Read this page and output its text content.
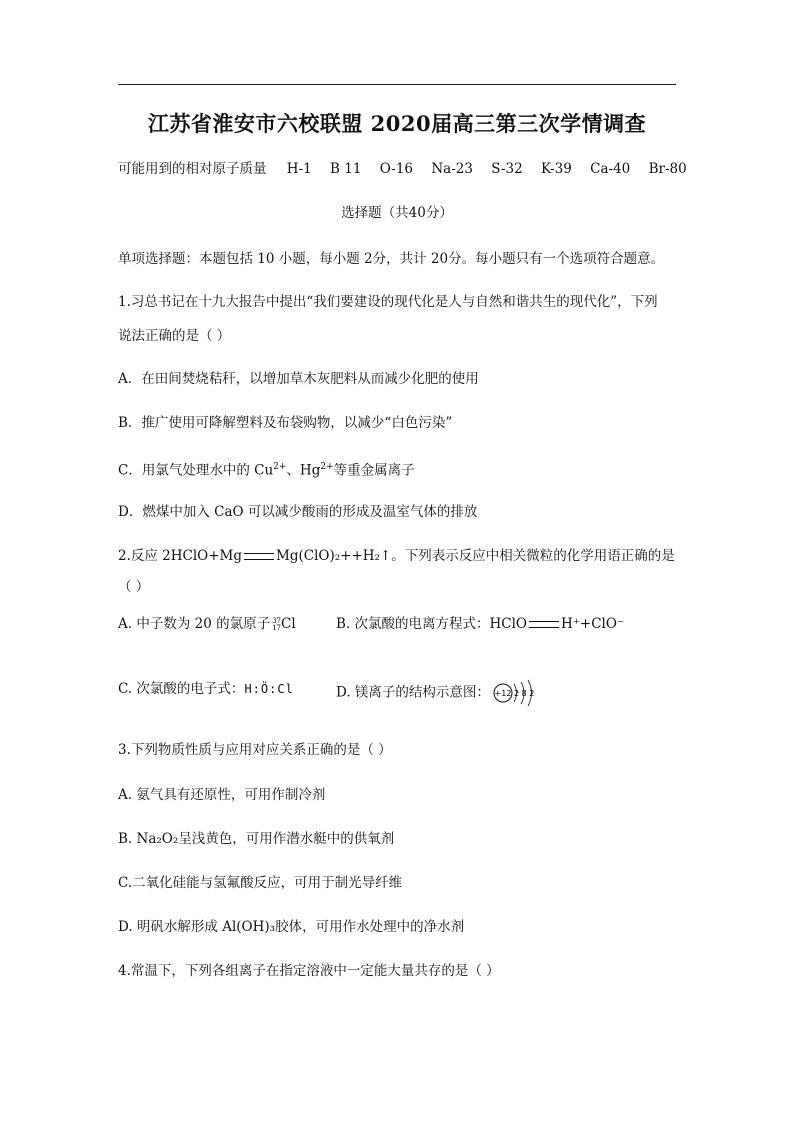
江苏省淮安市六校联盟 2020届高三第三次学情调查
可能用到的相对原子质量 H-1 B 11 O-16 Na-23 S-32 K-39 Ca-40 Br-80
选择题（共40分）
单项选择题：本题包括 10 小题，每小题 2分，共计 20分。每小题只有一个选项符合题意。
1.习总书记在十九大报告中提出“我们要建设的现代化是人与自然和谐共生的现代化”，下列
说法正确的是（ ）
A．在田间焚烧秸秆，以增加草木灰肥料从而减少化肥的使用
B．推广使用可降解塑料及布袋购物，以减少“白色污染”
C．用氯气处理水中的 $Cu^{2+}$、$Hg^{2+}$等重金属离子
D．燃煤中加入 CaO 可以减少酸雨的形成及温室气体的排放
2.反应 2HClO+Mg	Mg(ClO)₂++H₂↑。下列表示反应中相关微粒的化学用语正确的是
（ ）
A. 中子数为 20 的氯原子 37
17 Cl	B. 次氯酸的电离方程式：HClO	H⁺+ClO⁻
C. 次氯酸的电子式：H:Ö:Cl	D. 镁离子的结构示意图： +12 2 8 2
3.下列物质性质与应用对应关系正确的是（ ）
A. 氨气具有还原性，可用作制冷剂
B. Na₂O₂呈浅黄色，可用作潜水艇中的供氧剂
C.二氧化硅能与氢氟酸反应，可用于制光导纤维
D. 明矾水解形成 Al(OH)₃胶体，可用作水处理中的净水剂
4.常温下，下列各组离子在指定溶液中一定能大量共存的是（ ）
